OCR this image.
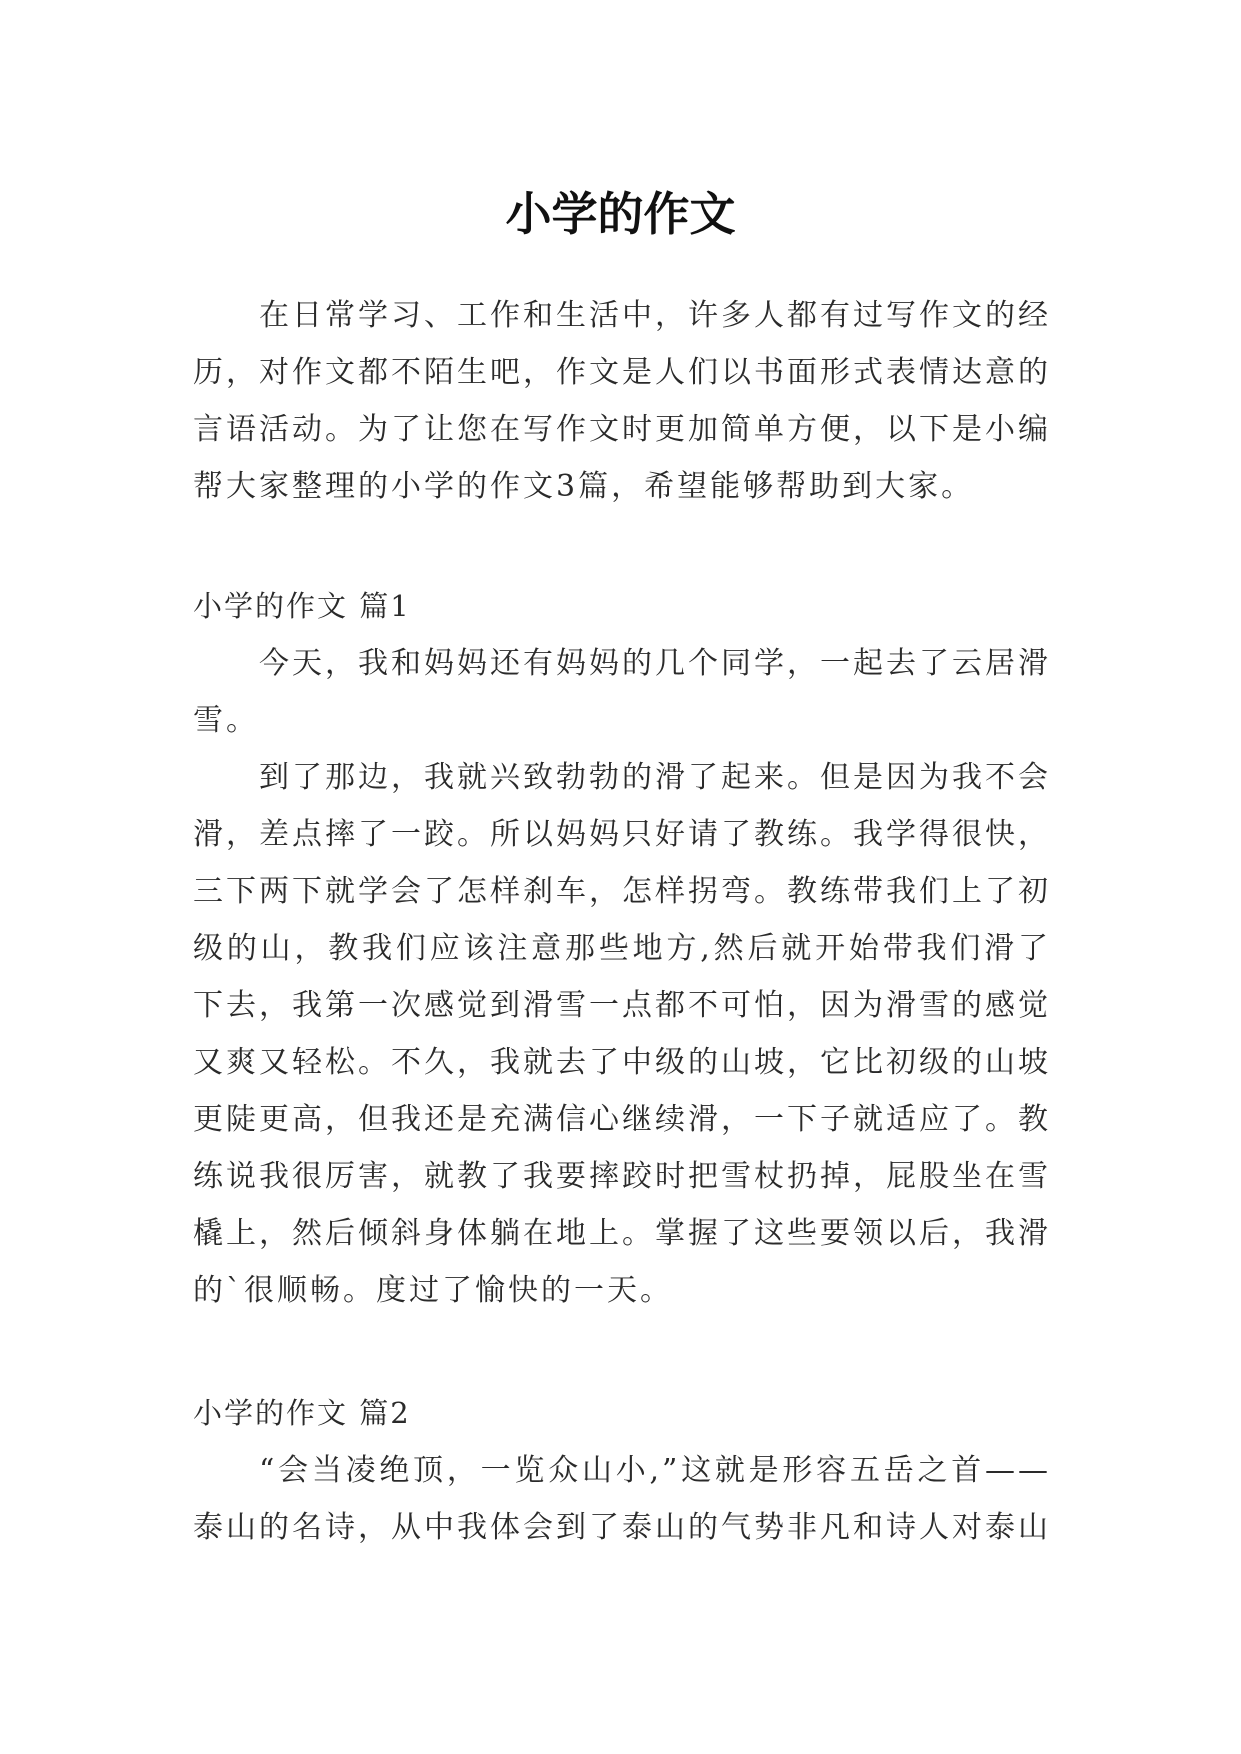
小学的作文

在日常学习、工作和生活中，许多人都有过写作文的经历，对作文都不陌生吧，作文是人们以书面形式表情达意的言语活动。为了让您在写作文时更加简单方便，以下是小编帮大家整理的小学的作文3篇，希望能够帮助到大家。

小学的作文 篇1

今天，我和妈妈还有妈妈的几个同学，一起去了云居滑雪。

到了那边，我就兴致勃勃的滑了起来。但是因为我不会滑，差点摔了一跤。所以妈妈只好请了教练。我学得很快，三下两下就学会了怎样刹车，怎样拐弯。教练带我们上了初级的山，教我们应该注意那些地方,然后就开始带我们滑了下去，我第一次感觉到滑雪一点都不可怕，因为滑雪的感觉又爽又轻松。不久，我就去了中级的山坡，它比初级的山坡更陡更高，但我还是充满信心继续滑，一下子就适应了。教练说我很厉害，就教了我要摔跤时把雪杖扔掉，屁股坐在雪橇上，然后倾斜身体躺在地上。掌握了这些要领以后，我滑的`很顺畅。度过了愉快的一天。

小学的作文 篇2

“会当凌绝顶，一览众山小,”这就是形容五岳之首——泰山的名诗，从中我体会到了泰山的气势非凡和诗人对泰山
